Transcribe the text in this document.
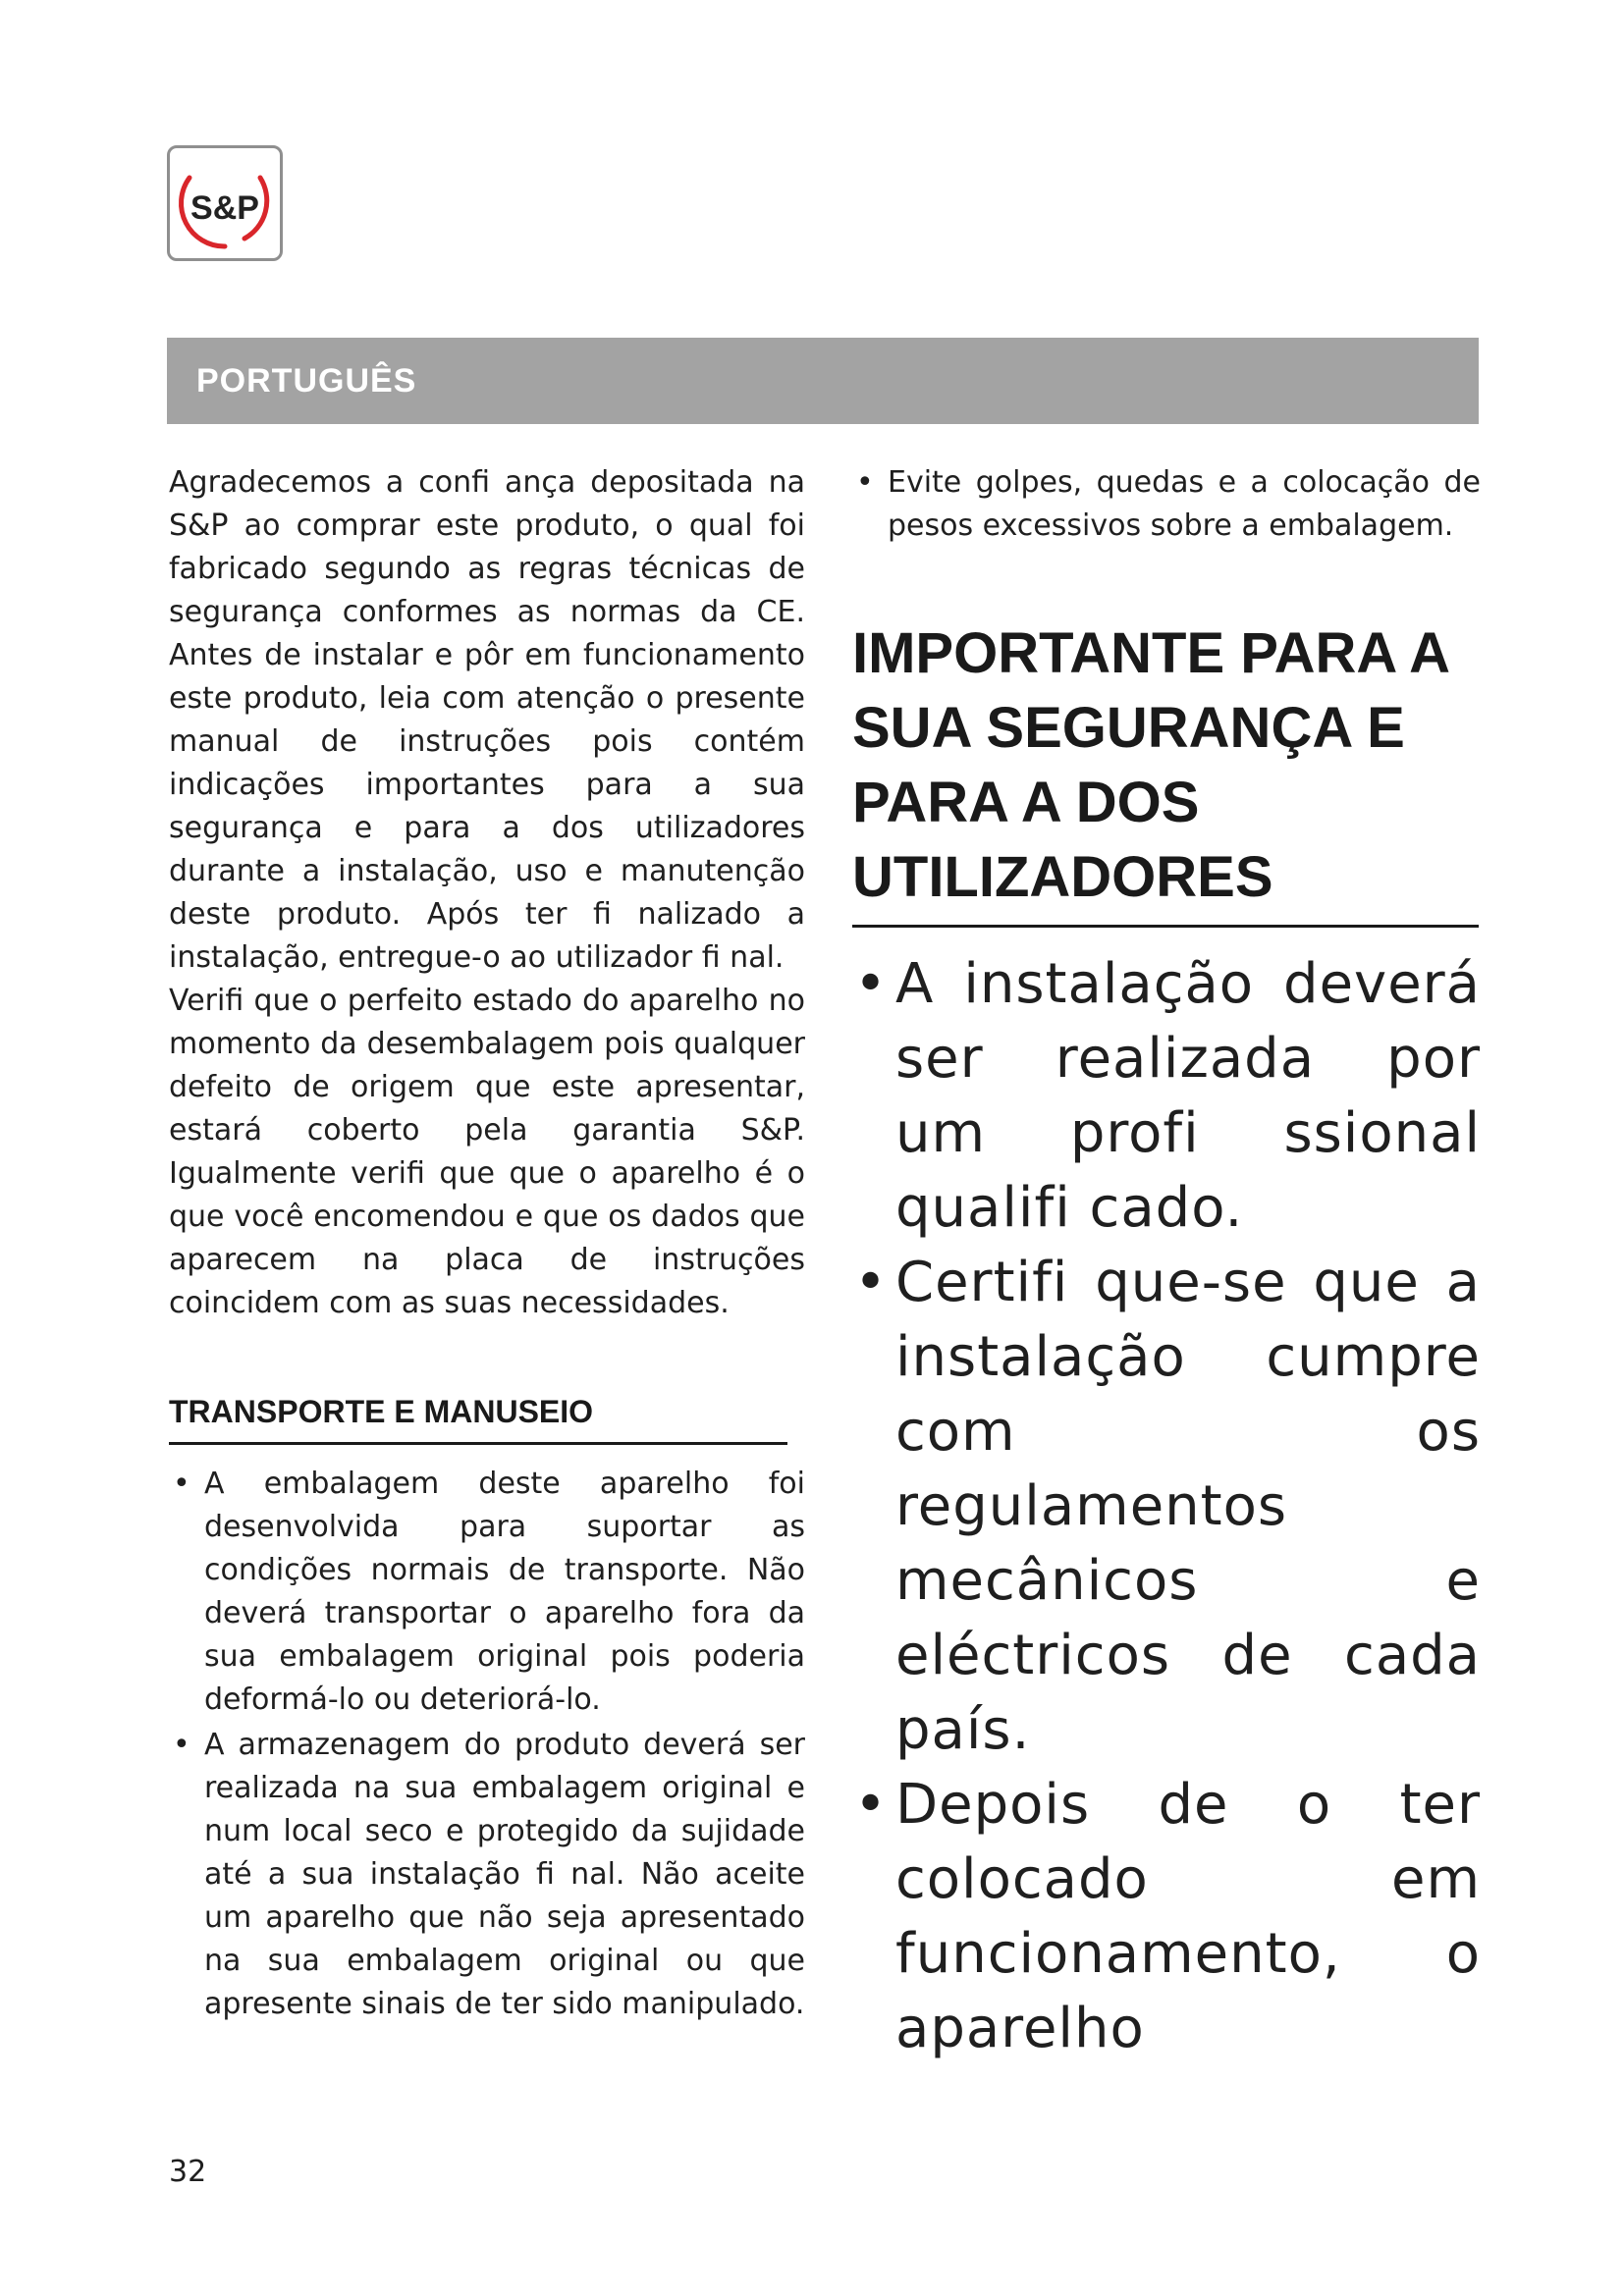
S&P
PORTUGUÊS

Agradecemos a confi ança depositada na S&P ao comprar este produto, o qual foi fabricado segundo as regras técnicas de segurança conformes as normas da CE. Antes de instalar e pôr em funcionamento este produto, leia com atenção o presente manual de instruções pois contém indicações importantes para a sua segurança e para a dos utilizadores durante a instalação, uso e manutenção deste produto. Após ter fi nalizado a instalação, entregue-o ao utilizador fi nal.

Verifi que o perfeito estado do aparelho no momento da desembalagem pois qualquer defeito de origem que este apresentar, estará coberto pela garantia S&P. Igualmente verifi que que o aparelho é o que você encomendou e que os dados que aparecem na placa de instruções coincidem com as suas necessidades.

TRANSPORTE E MANUSEIO
• A embalagem deste aparelho foi desenvolvida para suportar as condições normais de transporte. Não deverá transportar o aparelho fora da sua embalagem original pois poderia deformá-lo ou deteriorá-lo.
• A armazenagem do produto deverá ser realizada na sua embalagem original e num local seco e protegido da sujidade até a sua instalação fi nal. Não aceite um aparelho que não seja apresentado na sua embalagem original ou que apresente sinais de ter sido manipulado.
• Evite golpes, quedas e a colocação de pesos excessivos sobre a embalagem.
IMPORTANTE PARA A SUA SEGURANÇA E PARA A DOS UTILIZADORES
• A instalação deverá ser realizada por um profi ssional qualifi cado.
• Certifi que-se que a instalação cumpre com os regulamentos mecânicos e eléctricos de cada país.
• Depois de o ter colocado em funcionamento, o aparelho
32
